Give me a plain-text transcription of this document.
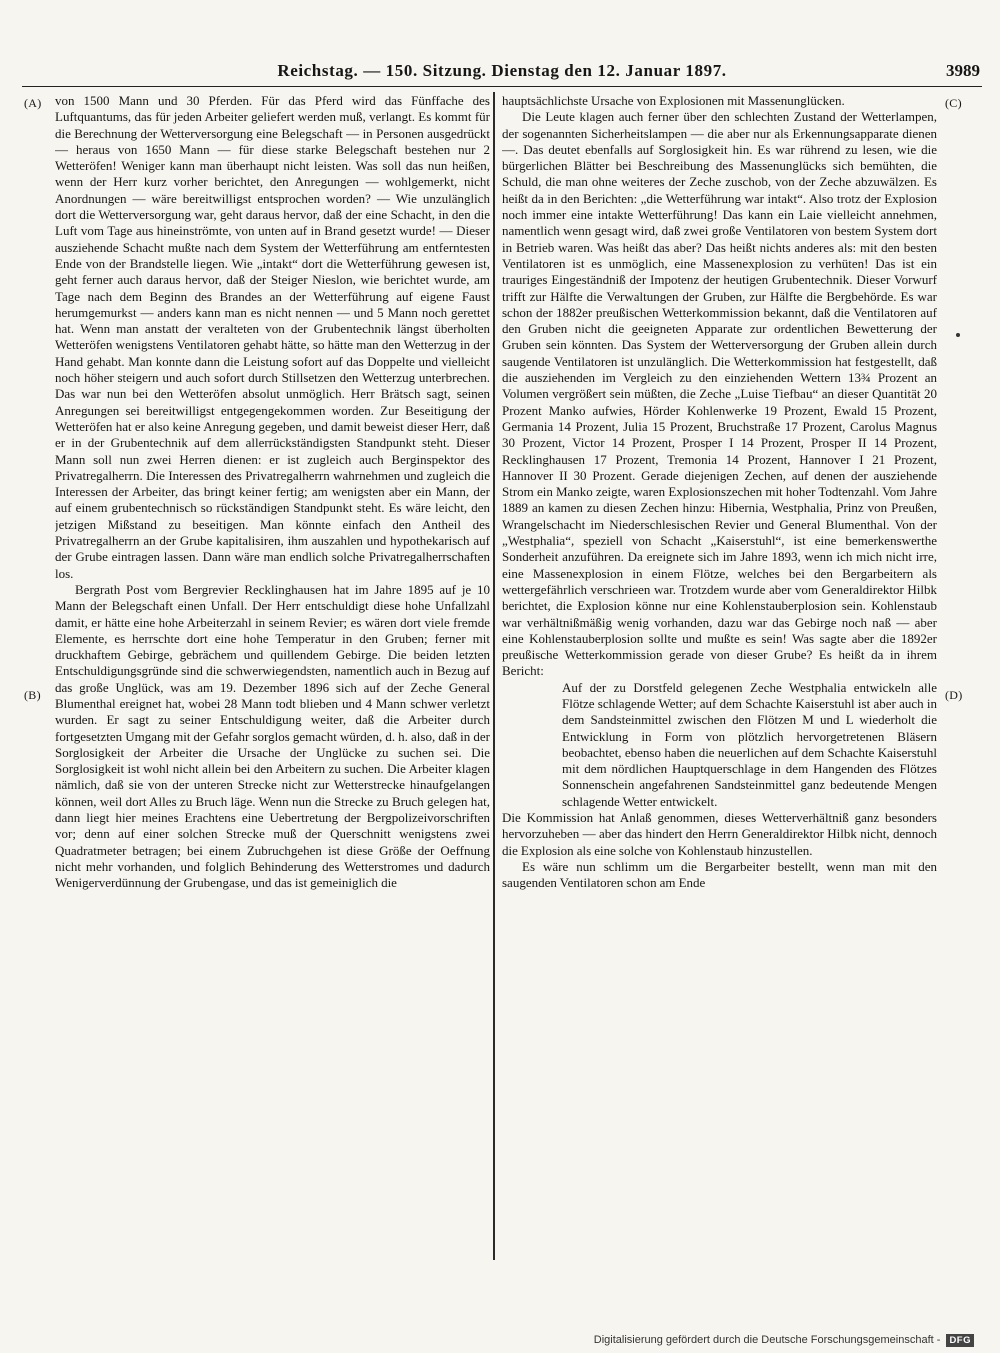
Reichstag. — 150. Sitzung. Dienstag den 12. Januar 1897.	3989
(A)
(B)
(C)
(D)

von 1500 Mann und 30 Pferden. Für das Pferd wird das Fünffache des Luftquantums, das für jeden Arbeiter geliefert werden muß, verlangt. Es kommt für die Berechnung der Wetterversorgung eine Belegschaft — in Personen ausgedrückt — heraus von 1650 Mann — für diese starke Belegschaft bestehen nur 2 Wetteröfen! Weniger kann man überhaupt nicht leisten. Was soll das nun heißen, wenn der Herr kurz vorher berichtet, den Anregungen — wohlgemerkt, nicht Anordnungen — wäre bereitwilligst entsprochen worden? — Wie unzulänglich dort die Wetterversorgung war, geht daraus hervor, daß der eine Schacht, in den die Luft vom Tage aus hineinströmte, von unten auf in Brand gesetzt wurde! — Dieser ausziehende Schacht mußte nach dem System der Wetterführung am entferntesten Ende von der Brandstelle liegen. Wie „intakt“ dort die Wetterführung gewesen ist, geht ferner auch daraus hervor, daß der Steiger Nieslon, wie berichtet wurde, am Tage nach dem Beginn des Brandes an der Wetterführung auf eigene Faust herumgemurkst — anders kann man es nicht nennen — und 5 Mann noch gerettet hat. Wenn man anstatt der veralteten von der Grubentechnik längst überholten Wetteröfen wenigstens Ventilatoren gehabt hätte, so hätte man den Wetterzug in der Hand gehabt. Man konnte dann die Leistung sofort auf das Doppelte und vielleicht noch höher steigern und auch sofort durch Stillsetzen den Wetterzug unterbrechen. Das war nun bei den Wetteröfen absolut unmöglich. Herr Brätsch sagt, seinen Anregungen sei bereitwilligst entgegengekommen worden. Zur Beseitigung der Wetteröfen hat er also keine Anregung gegeben, und damit beweist dieser Herr, daß er in der Grubentechnik auf dem allerrückständigsten Standpunkt steht. Dieser Mann soll nun zwei Herren dienen: er ist zugleich auch Berginspektor des Privatregalherrn. Die Interessen des Privatregalherrn wahrnehmen und zugleich die Interessen der Arbeiter, das bringt keiner fertig; am wenigsten aber ein Mann, der auf einem grubentechnisch so rückständigen Standpunkt steht. Es wäre leicht, den jetzigen Mißstand zu beseitigen. Man könnte einfach den Antheil des Privatregalherrn an der Grube kapitalisiren, ihm auszahlen und hypothekarisch auf der Grube eintragen lassen. Dann wäre man endlich solche Privatregalherrschaften los.

Bergrath Post vom Bergrevier Recklinghausen hat im Jahre 1895 auf je 10 Mann der Belegschaft einen Unfall. Der Herr entschuldigt diese hohe Unfallzahl damit, er hätte eine hohe Arbeiterzahl in seinem Revier; es wären dort viele fremde Elemente, es herrschte dort eine hohe Temperatur in den Gruben; ferner mit druckhaftem Gebirge, gebrächem und quillendem Gebirge. Die beiden letzten Entschuldigungsgründe sind die schwerwiegendsten, namentlich auch in Bezug auf das große Unglück, was am 19. Dezember 1896 sich auf der Zeche General Blumenthal ereignet hat, wobei 28 Mann todt blieben und 4 Mann schwer verletzt wurden. Er sagt zu seiner Entschuldigung weiter, daß die Arbeiter durch fortgesetzten Umgang mit der Gefahr sorglos gemacht würden, d. h. also, daß in der Sorglosigkeit der Arbeiter die Ursache der Unglücke zu suchen sei. Die Sorglosigkeit ist wohl nicht allein bei den Arbeitern zu suchen. Die Arbeiter klagen nämlich, daß sie von der unteren Strecke nicht zur Wetterstrecke hinaufgelangen können, weil dort Alles zu Bruch läge. Wenn nun die Strecke zu Bruch gelegen hat, dann liegt hier meines Erachtens eine Uebertretung der Bergpolizeivorschriften vor; denn auf einer solchen Strecke muß der Querschnitt wenigstens zwei Quadratmeter betragen; bei einem Zubruchgehen ist diese Größe der Oeffnung nicht mehr vorhanden, und folglich Behinderung des Wetterstromes und dadurch Wenigerverdünnung der Grubengase, und das ist gemeiniglich die

hauptsächlichste Ursache von Explosionen mit Massenunglücken.

Die Leute klagen auch ferner über den schlechten Zustand der Wetterlampen, der sogenannten Sicherheitslampen — die aber nur als Erkennungsapparate dienen —. Das deutet ebenfalls auf Sorglosigkeit hin. Es war rührend zu lesen, wie die bürgerlichen Blätter bei Beschreibung des Massenunglücks sich bemühten, die Schuld, die man ohne weiteres der Zeche zuschob, von der Zeche abzuwälzen. Es heißt da in den Berichten: „die Wetterführung war intakt“. Also trotz der Explosion noch immer eine intakte Wetterführung! Das kann ein Laie vielleicht annehmen, namentlich wenn gesagt wird, daß zwei große Ventilatoren von bestem System dort in Betrieb waren. Was heißt das aber? Das heißt nichts anderes als: mit den besten Ventilatoren ist es unmöglich, eine Massenexplosion zu verhüten! Das ist ein trauriges Eingeständniß der Impotenz der heutigen Grubentechnik. Dieser Vorwurf trifft zur Hälfte die Verwaltungen der Gruben, zur Hälfte die Bergbehörde. Es war schon der 1882er preußischen Wetterkommission bekannt, daß die Ventilatoren auf den Gruben nicht die geeigneten Apparate zur ordentlichen Bewetterung der Gruben sein könnten. Das System der Wetterversorgung der Gruben allein durch saugende Ventilatoren ist unzulänglich. Die Wetterkommission hat festgestellt, daß die ausziehenden im Vergleich zu den einziehenden Wettern 13¾ Prozent an Volumen vergrößert sein müßten, die Zeche „Luise Tiefbau“ an dieser Quantität 20 Prozent Manko aufwies, Hörder Kohlenwerke 19 Prozent, Ewald 15 Prozent, Germania 14 Prozent, Julia 15 Prozent, Bruchstraße 17 Prozent, Carolus Magnus 30 Prozent, Victor 14 Prozent, Prosper I 14 Prozent, Prosper II 14 Prozent, Recklinghausen 17 Prozent, Tremonia 14 Prozent, Hannover I 21 Prozent, Hannover II 30 Prozent. Gerade diejenigen Zechen, auf denen der ausziehende Strom ein Manko zeigte, waren Explosionszechen mit hoher Todtenzahl. Vom Jahre 1889 an kamen zu diesen Zechen hinzu: Hibernia, Westphalia, Prinz von Preußen, Wrangelschacht im Niederschlesischen Revier und General Blumenthal. Von der „Westphalia“, speziell von Schacht „Kaiserstuhl“, ist eine bemerkenswerthe Sonderheit anzuführen. Da ereignete sich im Jahre 1893, wenn ich mich nicht irre, eine Massenexplosion in einem Flötze, welches bei den Bergarbeitern als wettergefährlich verschrieen war. Trotzdem wurde aber vom Generaldirektor Hilbk berichtet, die Explosion könne nur eine Kohlenstauberplosion sein. Kohlenstaub war verhältnißmäßig wenig vorhanden, dazu war das Gebirge noch naß — aber eine Kohlenstauberplosion sollte und mußte es sein! Was sagte aber die 1892er preußische Wetterkommission gerade von dieser Grube? Es heißt da in ihrem Bericht:

Auf der zu Dorstfeld gelegenen Zeche Westphalia entwickeln alle Flötze schlagende Wetter; auf dem Schachte Kaiserstuhl ist aber auch in dem Sandsteinmittel zwischen den Flötzen M und L wiederholt die Entwicklung in Form von plötzlich hervorgetretenen Bläsern beobachtet, ebenso haben die neuerlichen auf dem Schachte Kaiserstuhl mit dem nördlichen Hauptquerschlage in dem Hangenden des Flötzes Sonnenschein angefahrenen Sandsteinmittel ganz bedeutende Mengen schlagende Wetter entwickelt.

Die Kommission hat Anlaß genommen, dieses Wetterverhältniß ganz besonders hervorzuheben — aber das hindert den Herrn Generaldirektor Hilbk nicht, dennoch die Explosion als eine solche von Kohlenstaub hinzustellen.

Es wäre nun schlimm um die Bergarbeiter bestellt, wenn man mit den saugenden Ventilatoren schon am Ende

Digitalisierung gefördert durch die Deutsche Forschungsgemeinschaft - DFG
